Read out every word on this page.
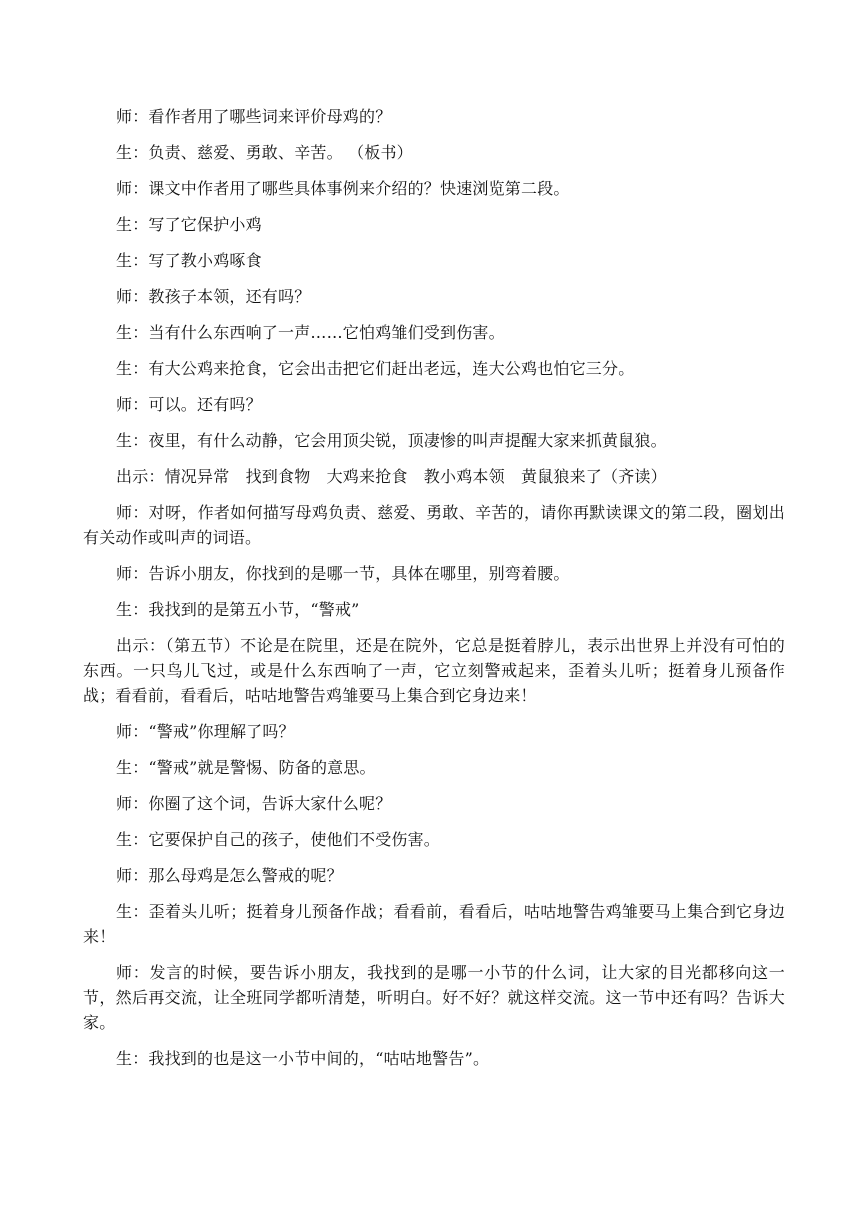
师：看作者用了哪些词来评价母鸡的？

生：负责、慈爱、勇敢、辛苦。 （板书）

师：课文中作者用了哪些具体事例来介绍的？快速浏览第二段。

生：写了它保护小鸡

生：写了教小鸡啄食

师：教孩子本领，还有吗？

生：当有什么东西响了一声……它怕鸡雏们受到伤害。

生：有大公鸡来抢食，它会出击把它们赶出老远，连大公鸡也怕它三分。

师：可以。还有吗？

生：夜里，有什么动静，它会用顶尖锐，顶凄惨的叫声提醒大家来抓黄鼠狼。

出示：情况异常　找到食物　大鸡来抢食　教小鸡本领　黄鼠狼来了（齐读）

师：对呀，作者如何描写母鸡负责、慈爱、勇敢、辛苦的，请你再默读课文的第二段，圈划出有关动作或叫声的词语。

师：告诉小朋友，你找到的是哪一节，具体在哪里，别弯着腰。

生：我找到的是第五小节，“警戒”

出示：（第五节）不论是在院里，还是在院外，它总是挺着脖儿，表示出世界上并没有可怕的东西。一只鸟儿飞过，或是什么东西响了一声，它立刻警戒起来，歪着头儿听；挺着身儿预备作战；看看前，看看后，咕咕地警告鸡雏要马上集合到它身边来！

师：“警戒”你理解了吗？

生：“警戒”就是警惕、防备的意思。

师：你圈了这个词，告诉大家什么呢？

生：它要保护自己的孩子，使他们不受伤害。

师：那么母鸡是怎么警戒的呢？

生：歪着头儿听；挺着身儿预备作战；看看前，看看后，咕咕地警告鸡雏要马上集合到它身边来！

师：发言的时候，要告诉小朋友，我找到的是哪一小节的什么词，让大家的目光都移向这一节，然后再交流，让全班同学都听清楚，听明白。好不好？就这样交流。这一节中还有吗？告诉大家。

生：我找到的也是这一小节中间的，“咕咕地警告”。
